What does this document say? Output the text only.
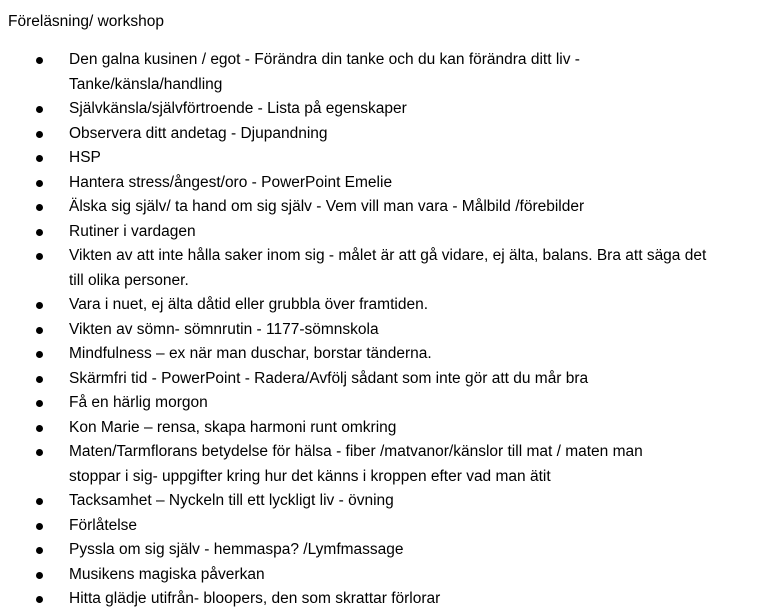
Föreläsning/ workshop
Den galna kusinen / egot - Förändra din tanke och du kan förändra ditt liv -
Tanke/känsla/handling
Självkänsla/självförtroende - Lista på egenskaper
Observera ditt andetag - Djupandning
HSP
Hantera stress/ångest/oro - PowerPoint Emelie
Älska sig själv/ ta hand om sig själv - Vem vill man vara - Målbild /förebilder
Rutiner i vardagen
Vikten av att inte hålla saker inom sig - målet är att gå vidare, ej älta, balans. Bra att säga det
till olika personer.
Vara i nuet, ej älta dåtid eller grubbla över framtiden.
Vikten av sömn- sömnrutin - 1177-sömnskola
Mindfulness – ex när man duschar, borstar tänderna.
Skärmfri tid - PowerPoint - Radera/Avfölj sådant som inte gör att du mår bra
Få en härlig morgon
Kon Marie – rensa, skapa harmoni runt omkring
Maten/Tarmflorans betydelse för hälsa - fiber /matvanor/känslor till mat / maten man
stoppar i sig- uppgifter kring hur det känns i kroppen efter vad man ätit
Tacksamhet – Nyckeln till ett lyckligt liv - övning
Förlåtelse
Pyssla om sig själv - hemmaspa? /Lymfmassage
Musikens magiska påverkan
Hitta glädje utifrån- bloopers, den som skrattar förlorar
